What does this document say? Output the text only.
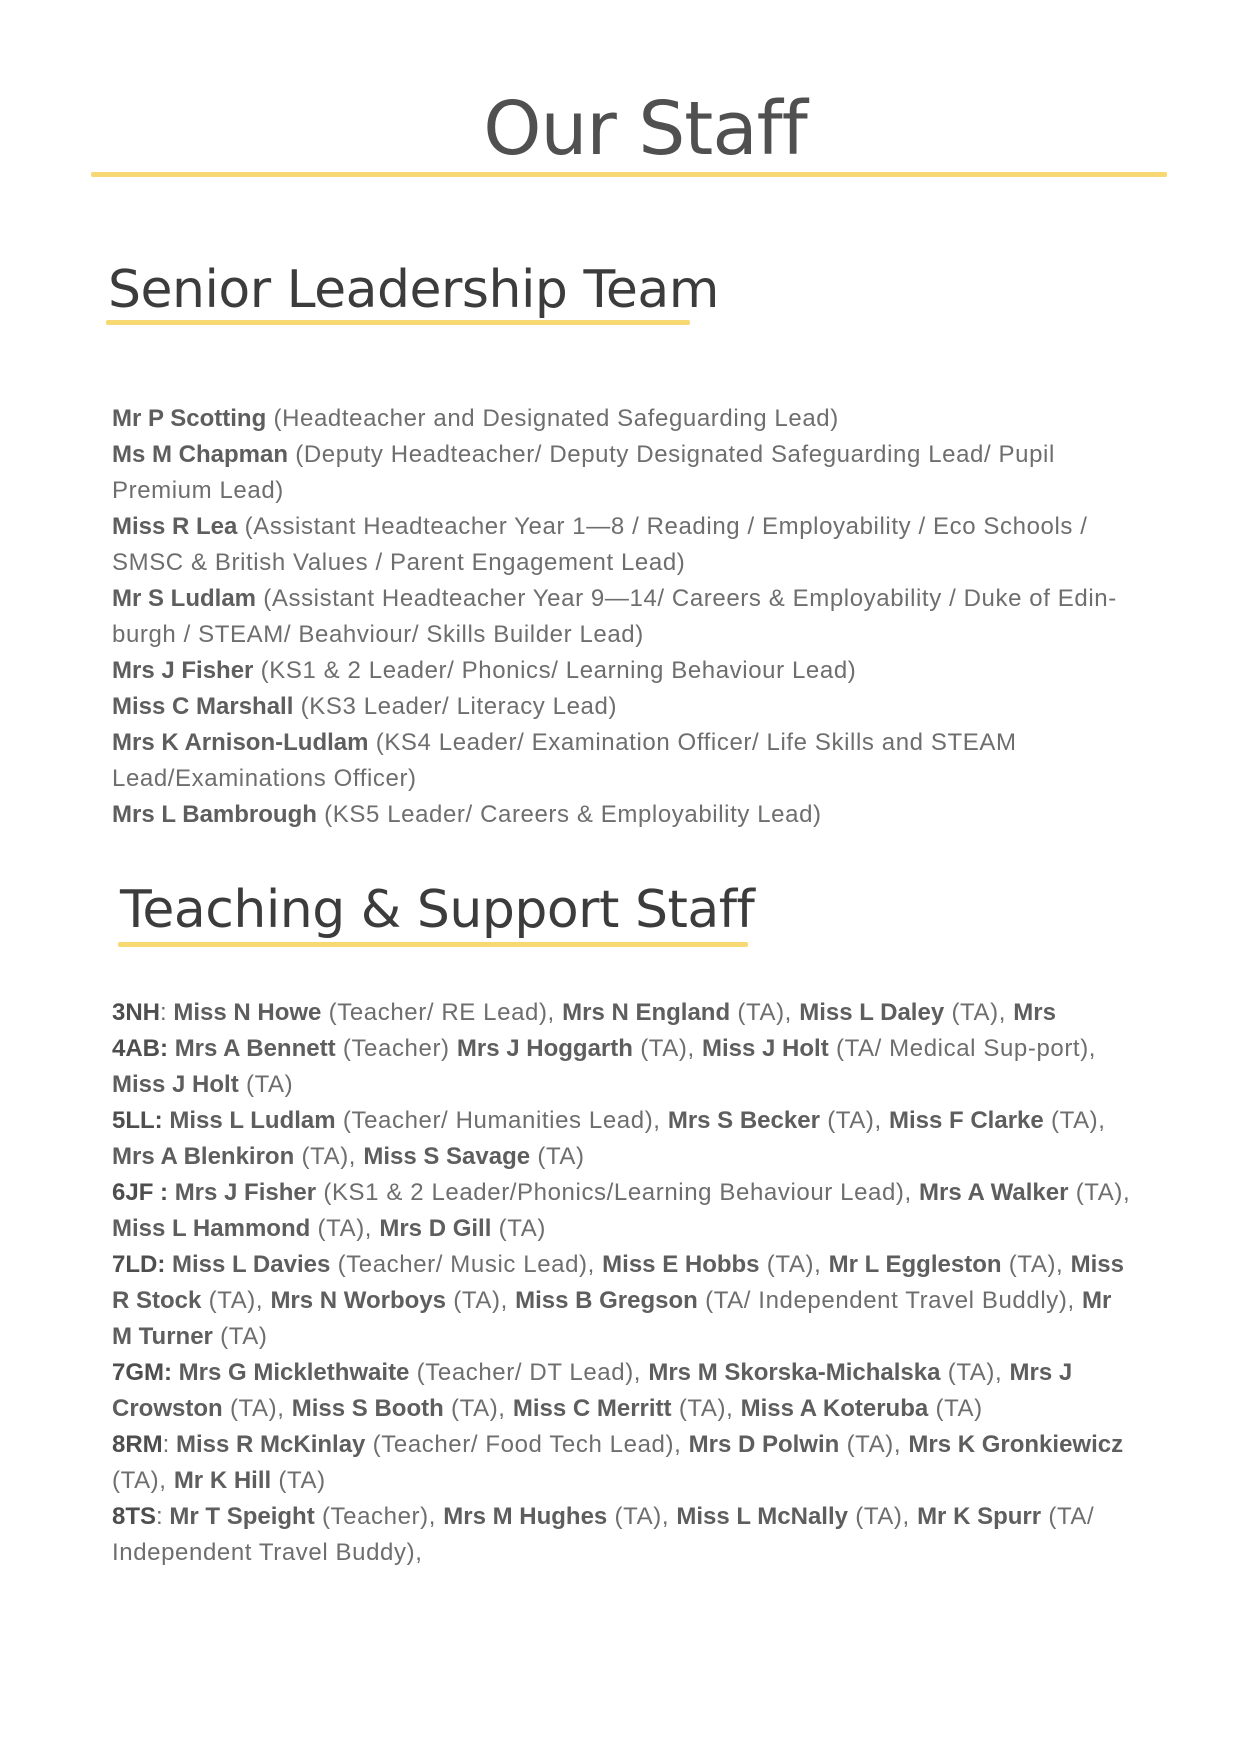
Our Staff
Senior Leadership Team
Mr P Scotting (Headteacher and Designated Safeguarding Lead)
Ms M Chapman (Deputy Headteacher/ Deputy Designated Safeguarding Lead/ Pupil Premium Lead)
Miss R Lea (Assistant Headteacher Year 1—8 / Reading / Employability / Eco Schools / SMSC & British Values / Parent Engagement Lead)
Mr S Ludlam (Assistant Headteacher Year 9—14/ Careers & Employability / Duke of Edin-burgh / STEAM/ Beahviour/ Skills Builder Lead)
Mrs J Fisher (KS1 & 2 Leader/ Phonics/ Learning Behaviour Lead)
Miss C Marshall (KS3 Leader/ Literacy Lead)
Mrs K Arnison-Ludlam (KS4 Leader/ Examination Officer/ Life Skills and STEAM Lead/Examinations Officer)
Mrs L Bambrough (KS5 Leader/ Careers & Employability Lead)
Teaching & Support Staff
3NH: Miss N Howe (Teacher/ RE Lead), Mrs N England (TA), Miss L Daley (TA), Mrs
4AB: Mrs A Bennett (Teacher) Mrs J Hoggarth (TA), Miss J Holt (TA/ Medical Sup-port), Miss J Holt (TA)
5LL: Miss L Ludlam (Teacher/ Humanities Lead), Mrs S Becker (TA), Miss F Clarke (TA), Mrs A Blenkiron (TA), Miss S Savage (TA)
6JF : Mrs J Fisher (KS1 & 2 Leader/Phonics/Learning Behaviour Lead), Mrs A Walker (TA), Miss L Hammond (TA), Mrs D Gill (TA)
7LD: Miss L Davies (Teacher/ Music Lead), Miss E Hobbs (TA), Mr L Eggleston (TA), Miss R Stock (TA), Mrs N Worboys (TA), Miss B Gregson (TA/ Independent Travel Buddly), Mr M Turner (TA)
7GM: Mrs G Micklethwaite (Teacher/ DT Lead), Mrs M Skorska-Michalska (TA), Mrs J Crowston (TA), Miss S Booth (TA), Miss C Merritt (TA), Miss A Koteruba (TA)
8RM: Miss R McKinlay (Teacher/ Food Tech Lead), Mrs D Polwin (TA), Mrs K Gronkiewicz (TA), Mr K Hill (TA)
8TS: Mr T Speight (Teacher), Mrs M Hughes (TA), Miss L McNally (TA), Mr K Spurr (TA/ Independent Travel Buddy),
